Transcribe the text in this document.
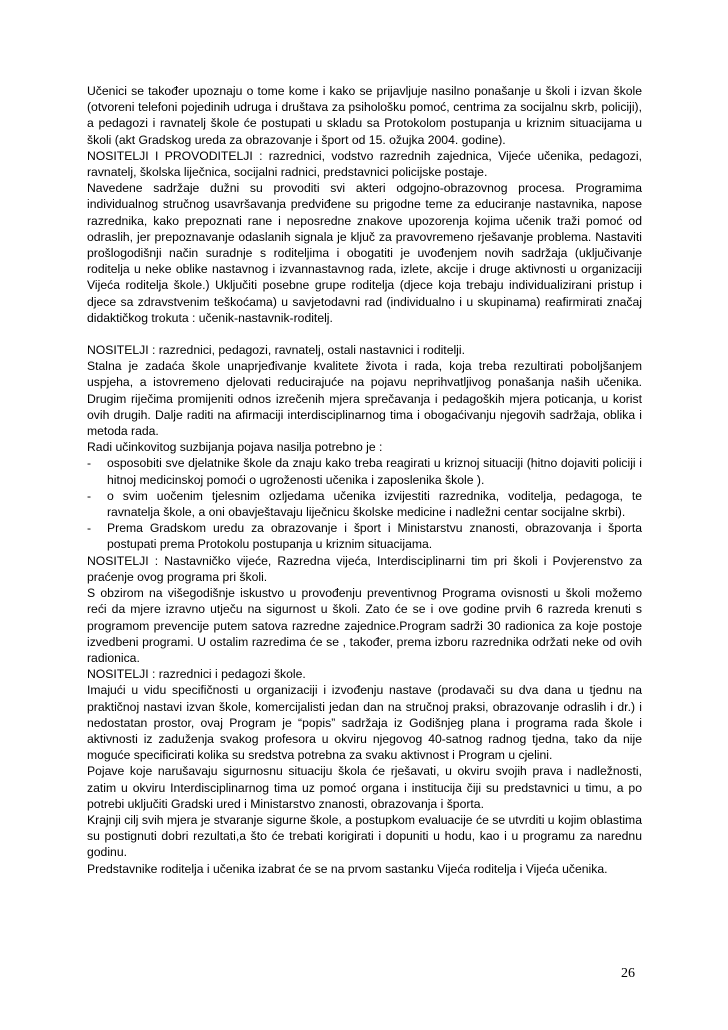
Učenici se također upoznaju o tome kome i kako se prijavljuje nasilno ponašanje u školi i izvan škole (otvoreni telefoni pojedinih udruga i društava za psihološku pomoć, centrima za socijalnu skrb, policiji), a pedagozi i ravnatelj škole će postupati u skladu sa Protokolom postupanja u kriznim situacijama u školi (akt Gradskog ureda za obrazovanje i šport od 15. ožujka 2004. godine).

NOSITELJI I PROVODITELJI : razrednici, vodstvo razrednih zajednica, Vijeće učenika, pedagozi, ravnatelj, školska liječnica, socijalni radnici, predstavnici policijske postaje.

Navedene sadržaje dužni su provoditi svi akteri odgojno-obrazovnog procesa. Programima individualnog stručnog usavršavanja predviđene su prigodne teme za educiranje nastavnika, napose razrednika, kako prepoznati rane i neposredne znakove upozorenja kojima učenik traži pomoć od odraslih, jer prepoznavanje odaslanih signala je ključ za pravovremeno rješavanje problema. Nastaviti prošlogodišnji način suradnje s roditeljima i obogatiti je uvođenjem novih sadržaja (uključivanje roditelja u neke oblike nastavnog i izvannastavnog rada, izlete, akcije i druge aktivnosti u organizaciji Vijeća roditelja škole.) Uključiti posebne grupe roditelja (djece koja trebaju individualizirani pristup i djece sa zdravstvenim teškoćama) u savjetodavni rad (individualno i u skupinama) reafirmirati značaj didaktičkog trokuta : učenik-nastavnik-roditelj.

NOSITELJI : razrednici, pedagozi, ravnatelj, ostali nastavnici i roditelji.

Stalna je zadaća škole unaprjeđivanje kvalitete života i rada, koja treba rezultirati poboljšanjem uspjeha, a istovremeno djelovati reducirajuće na pojavu neprihvatljivog ponašanja naših učenika. Drugim riječima promijeniti odnos izrečenih mjera sprečavanja i pedagoških mjera poticanja, u korist ovih drugih. Dalje raditi na afirmaciji interdisciplinarnog tima i obogaćivanju njegovih sadržaja, oblika i metoda rada.

Radi učinkovitog suzbijanja pojava nasilja potrebno je :

-	osposobiti sve djelatnike škole da znaju kako treba reagirati u kriznoj situaciji (hitno dojaviti policiji i hitnoj medicinskoj pomoći o ugroženosti učenika i zaposlenika škole ).
-	o svim uočenim tjelesnim ozljedama učenika izvijestiti razrednika, voditelja, pedagoga, te ravnatelja škole, a oni obavještavaju liječnicu školske medicine i nadležni centar socijalne skrbi).
-	Prema Gradskom uredu za obrazovanje i šport i Ministarstvu znanosti, obrazovanja i športa postupati prema Protokolu postupanja u kriznim situacijama.

NOSITELJI : Nastavničko vijeće, Razredna vijeća, Interdisciplinarni tim pri školi i Povjerenstvo za praćenje ovog programa pri školi.

S obzirom na višegodišnje iskustvo u provođenju preventivnog Programa ovisnosti u školi možemo reći da mjere izravno utječu na sigurnost u školi. Zato će se i ove godine prvih 6 razreda krenuti s programom prevencije putem satova razredne zajednice.Program sadrži 30 radionica za koje postoje izvedbeni programi. U ostalim razredima će se , također, prema izboru razrednika održati neke od ovih radionica.

NOSITELJI : razrednici i pedagozi škole.

Imajući u vidu specifičnosti u organizaciji i izvođenju nastave (prodavači su dva dana u tjednu na praktičnoj nastavi izvan škole, komercijalisti jedan dan na stručnoj praksi, obrazovanje odraslih i dr.) i nedostatan prostor, ovaj Program je “popis” sadržaja iz Godišnjeg plana i programa rada škole i aktivnosti iz zaduženja svakog profesora u okviru njegovog 40-satnog radnog tjedna, tako da nije moguće specificirati kolika su sredstva potrebna za svaku aktivnost i Program u cjelini.

Pojave koje narušavaju sigurnosnu situaciju škola će rješavati, u okviru svojih prava i nadležnosti, zatim u okviru Interdisciplinarnog tima uz pomoć organa i institucija čiji su predstavnici u timu, a po potrebi uključiti Gradski ured i Ministarstvo znanosti, obrazovanja i športa.

Krajnji cilj svih mjera je stvaranje sigurne škole, a postupkom evaluacije će se utvrditi u kojim oblastima su postignuti dobri rezultati,a što će trebati korigirati i dopuniti u hodu, kao i u programu za narednu godinu.

Predstavnike roditelja i učenika izabrat će se na prvom sastanku Vijeća roditelja i Vijeća učenika.

26
